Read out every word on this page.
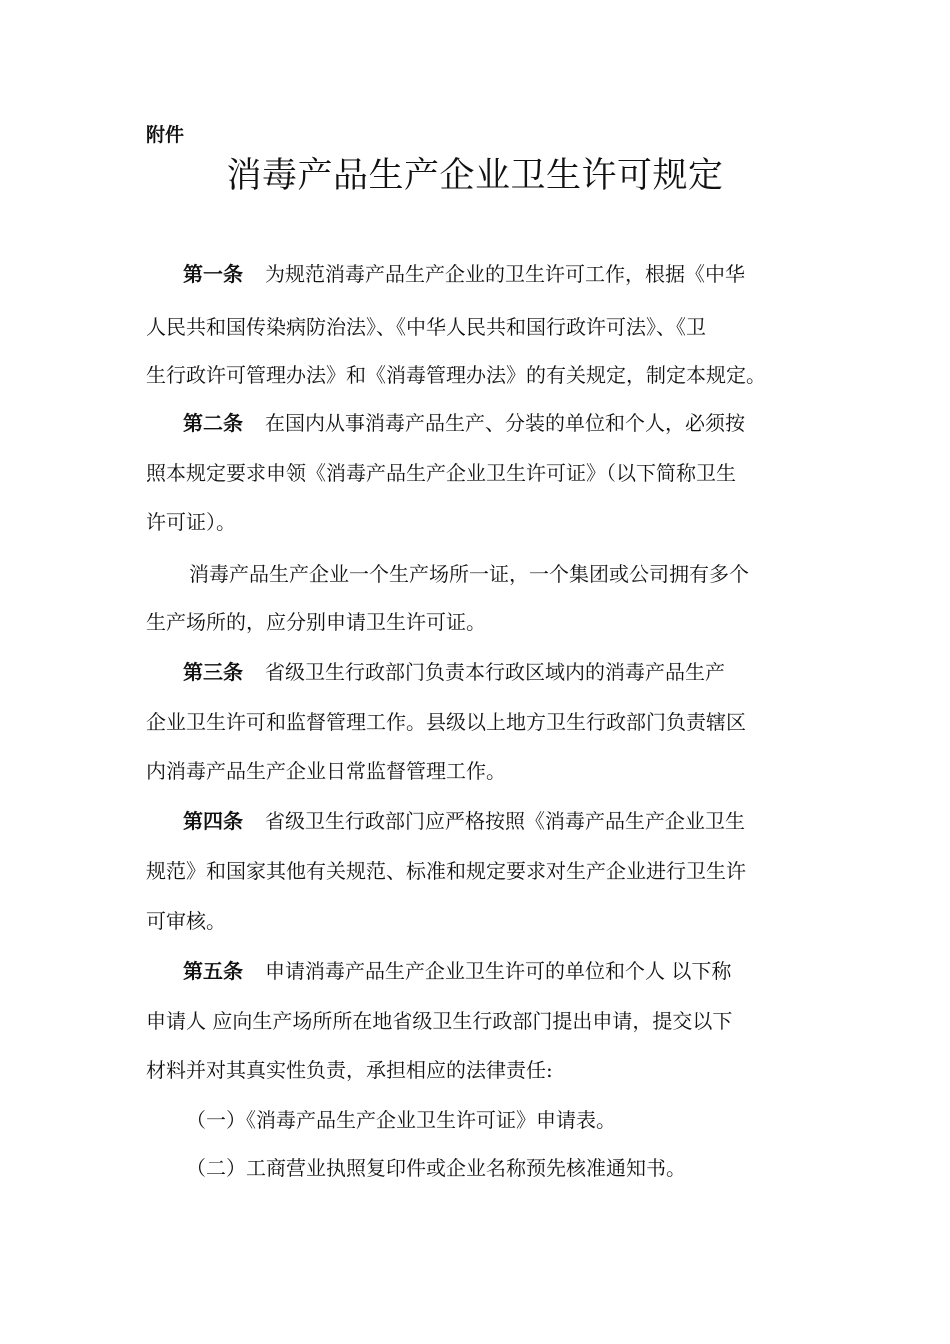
附件
消毒产品生产企业卫生许可规定
第一条 为规范消毒产品生产企业的卫生许可工作，根据《中华
人民共和国传染病防治法》、《中华人民共和国行政许可法》、《卫
生行政许可管理办法》和《消毒管理办法》的有关规定，制定本规定。
第二条 在国内从事消毒产品生产、分装的单位和个人，必须按
照本规定要求申领《消毒产品生产企业卫生许可证》（以下简称卫生
许可证）。
消毒产品生产企业一个生产场所一证，一个集团或公司拥有多个
生产场所的，应分别申请卫生许可证。
第三条 省级卫生行政部门负责本行政区域内的消毒产品生产
企业卫生许可和监督管理工作。县级以上地方卫生行政部门负责辖区
内消毒产品生产企业日常监督管理工作。
第四条 省级卫生行政部门应严格按照《消毒产品生产企业卫生
规范》和国家其他有关规范、标准和规定要求对生产企业进行卫生许
可审核。
第五条 申请消毒产品生产企业卫生许可的单位和个人 以下称
申请人 应向生产场所所在地省级卫生行政部门提出申请，提交以下
材料并对其真实性负责，承担相应的法律责任:
（一）《消毒产品生产企业卫生许可证》申请表。
（二）工商营业执照复印件或企业名称预先核准通知书。
